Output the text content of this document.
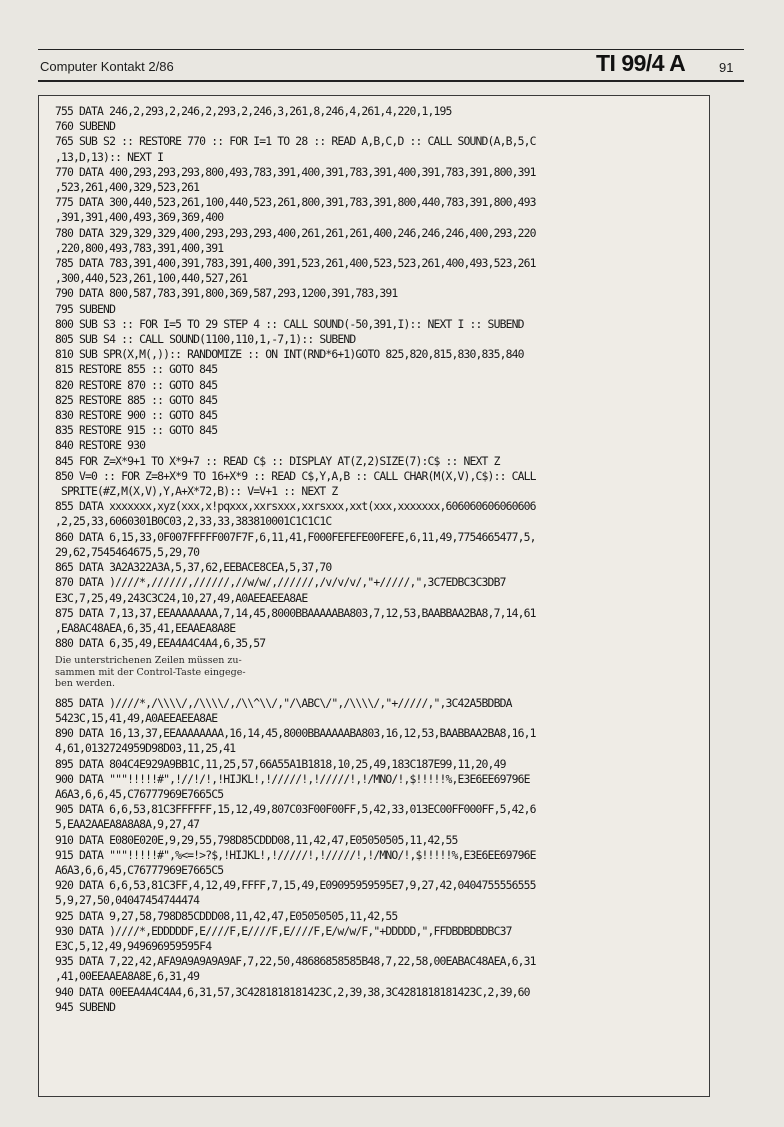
Computer Kontakt 2/86	TI 99/4 A	91
755 DATA 246,2,293,2,246,2,293,2,246,3,261,8,246,4,261,4,220,1,195
760 SUBEND
765 SUB S2 :: RESTORE 770 :: FOR I=1 TO 28 :: READ A,B,C,D :: CALL SOUND(A,B,5,C
,13,D,13):: NEXT I
770 DATA 400,293,293,293,800,493,783,391,400,391,783,391,400,391,783,391,800,391
,523,261,400,329,523,261
775 DATA 300,440,523,261,100,440,523,261,800,391,783,391,800,440,783,391,800,493
,391,391,400,493,369,369,400
780 DATA 329,329,329,400,293,293,293,400,261,261,261,400,246,246,246,400,293,220
,220,800,493,783,391,400,391
785 DATA 783,391,400,391,783,391,400,391,523,261,400,523,523,261,400,493,523,261
,300,440,523,261,100,440,527,261
790 DATA 800,587,783,391,800,369,587,293,1200,391,783,391
795 SUBEND
800 SUB S3 :: FOR I=5 TO 29 STEP 4 :: CALL SOUND(-50,391,I):: NEXT I :: SUBEND
805 SUB S4 :: CALL SOUND(1100,110,1,-7,1):: SUBEND
810 SUB SPR(X,M(,)):: RANDOMIZE :: ON INT(RND*6+1)GOTO 825,820,815,830,835,840
815 RESTORE 855 :: GOTO 845
820 RESTORE 870 :: GOTO 845
825 RESTORE 885 :: GOTO 845
830 RESTORE 900 :: GOTO 845
835 RESTORE 915 :: GOTO 845
840 RESTORE 930
845 FOR Z=X*9+1 TO X*9+7 :: READ C$ :: DISPLAY AT(Z,2)SIZE(7):C$ :: NEXT Z
850 V=0 :: FOR Z=8+X*9 TO 16+X*9 :: READ C$,Y,A,B :: CALL CHAR(M(X,V),C$):: CALL
SPRITE(#Z,M(X,V),Y,A+X*72,B):: V=V+1 :: NEXT Z
855 DATA xxxxxxx,xyz(xxx,x!pqxxx,xxrsxxx,xxrsxxx,xxt(xxx,xxxxxxx,606060606060606
,2,25,33,6060301B0C03,2,33,33,383810001C1C1C1C
860 DATA 6,15,33,0F007FFFFF007F7F,6,11,41,F000FEFEFE00FEFE,6,11,49,7754665477,5,
29,62,7545464675,5,29,70
865 DATA 3A2A322A3A,5,37,62,EEBACE8CEA,5,37,70
870 DATA )////*,//////,//////,//w/w/,//////,/v/v/v/,"+/////,",3C7EDBC3C3DB7
E3C,7,25,49,243C3C24,10,27,49,A0AEEAEEA8AE
875 DATA 7,13,37,EEAAAAAAAA,7,14,45,8000BBAAAAABA803,7,12,53,BAABBAA2BA8,7,14,61
,EA8AC48AEA,6,35,41,EEAAEA8A8E
880 DATA 6,35,49,EEA4A4C4A4,6,35,57
Die unterstrichenen Zeilen müssen zu-
sammen mit der Control-Taste eingege-
ben werden.
885 DATA )////*,/\\\\/,/\\\\/,/\\^\\/,"/\ABC\/",/\\\\/,"+/////,",3C42A5BDBDA
5423C,15,41,49,A0AEEAEEA8AE
890 DATA 16,13,37,EEAAAAAAAA,16,14,45,8000BBAAAAABA803,16,12,53,BAABBAA2BA8,16,1
4,61,0132724959D98D03,11,25,41
895 DATA 804C4E929A9BB1C,11,25,57,66A55A1B1818,10,25,49,183C187E99,11,20,49
900 DATA """!!!!!#",!//!/!,!HIJKL!,!/////!,!/////!,!/MNO/!,$!!!!!%,E3E6EE69796E
A6A3,6,6,45,C76777969E7665C5
905 DATA 6,6,53,81C3FFFFFF,15,12,49,807C03F00F00FF,5,42,33,013EC00FF000FF,5,42,6
5,EAA2AAEA8A8A8A,9,27,47
910 DATA E080E020E,9,29,55,798D85CDDD08,11,42,47,E05050505,11,42,55
915 DATA """!!!!!#",%<=!>?$,!HIJKL!,!/////!,!/////!,!/MNO/!,$!!!!!%,E3E6EE69796E
A6A3,6,6,45,C76777969E7665C5
920 DATA 6,6,53,81C3FF,4,12,49,FFFF,7,15,49,E09095959595E7,9,27,42,0404755556555
5,9,27,50,04047454744474
925 DATA 9,27,58,798D85CDDD08,11,42,47,E05050505,11,42,55
930 DATA )////*,EDDDDDF,E////F,E////F,E////F,E/w/w/F,"+DDDDD,",FFDBDBDBDBC37
E3C,5,12,49,949696959595F4
935 DATA 7,22,42,AFA9A9A9A9A9AF,7,22,50,48686858585B48,7,22,58,00EABAC48AEA,6,31
,41,00EEAAEA8A8E,6,31,49
940 DATA 00EEA4A4C4A4,6,31,57,3C4281818181423C,2,39,38,3C4281818181423C,2,39,60
945 SUBEND
